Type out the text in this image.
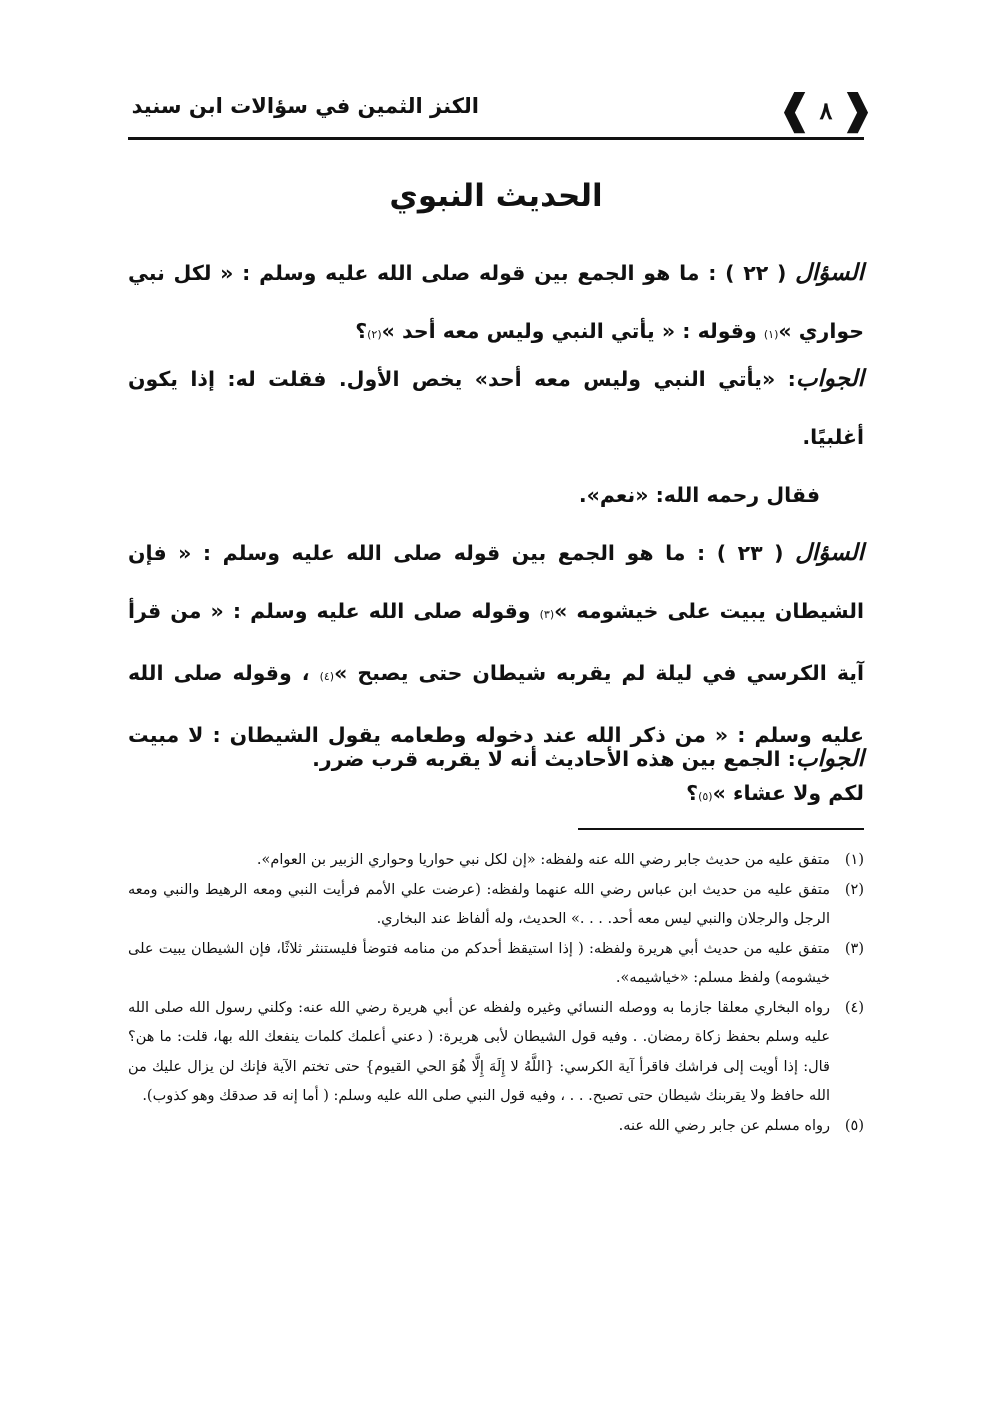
❰
٨
❱
الكنز الثمين في سؤالات ابن سنيد
الحديث النبوي
السؤال ( ٢٢ ) : ما هو الجمع بين قوله صلى الله عليه وسلم : « لكل نبي حواري »(١) وقوله : « يأتي النبي وليس معه أحد »(٢)؟
الجواب: «يأتي النبي وليس معه أحد» يخص الأول. فقلت له: إذا يكون أغلبيًا.
فقال رحمه الله: «نعم».
السؤال ( ٢٣ ) : ما هو الجمع بين قوله صلى الله عليه وسلم : « فإن الشيطان يبيت على خيشومه »(٣) وقوله صلى الله عليه وسلم : « من قرأ آية الكرسي في ليلة لم يقربه شيطان حتى يصبح »(٤) ، وقوله صلى الله عليه وسلم : « من ذكر الله عند دخوله وطعامه يقول الشيطان : لا مبيت لكم ولا عشاء »(٥)؟
الجواب: الجمع بين هذه الأحاديث أنه لا يقربه قرب ضرر.
(١)
متفق عليه من حديث جابر رضي الله عنه ولفظه: «إن لكل نبي حواريا وحواري الزبير بن العوام».
(٢)
متفق عليه من حديث ابن عباس رضي الله عنهما ولفظه: (عرضت علي الأمم فرأيت النبي ومعه الرهيط والنبي ومعه الرجل والرجلان والنبي ليس معه أحد. . . .» الحديث، وله ألفاظ عند البخاري.
(٣)
متفق عليه من حديث أبي هريرة ولفظه: ( إذا استيقظ أحدكم من منامه فتوضأ فليستنثر ثلاثًا، فإن الشيطان يبيت على خيشومه) ولفظ مسلم: «خياشيمه».
(٤)
رواه البخاري معلقا جازما به ووصله النسائي وغيره ولفظه عن أبي هريرة رضي الله عنه: وكلني رسول الله صلى الله عليه وسلم بحفظ زكاة رمضان. . وفيه قول الشيطان لأبى هريرة: ( دعني أعلمك كلمات ينفعك الله بها، قلت: ما هن؟ قال: إذا أويت إلى فراشك فاقرأ آية الكرسي: {اللَّهُ لا إِلَهَ إِلَّا هُوَ الحي القيوم} حتى تختم الآية فإنك لن يزال عليك من الله حافظ ولا يقربنك شيطان حتى تصبح. . . ، وفيه قول النبي صلى الله عليه وسلم: ( أما إنه قد صدقك وهو كذوب).
(٥)
رواه مسلم عن جابر رضي الله عنه.
